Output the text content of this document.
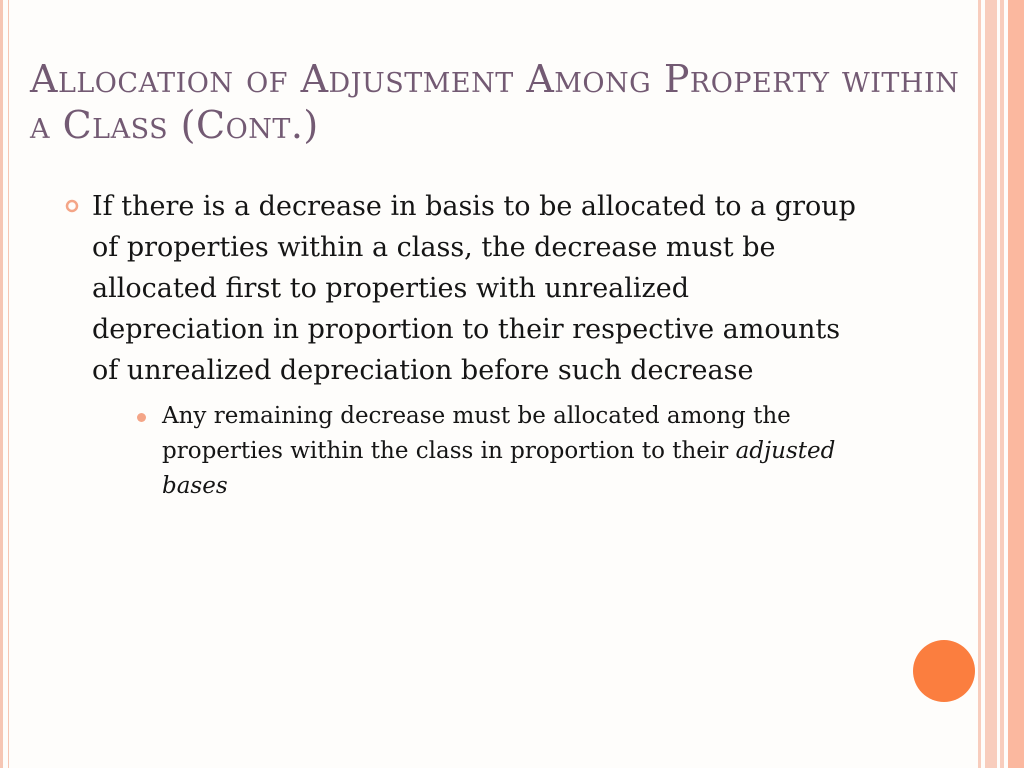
Allocation of Adjustment Among Property within a Class (Cont.)
If there is a decrease in basis to be allocated to a group of properties within a class, the decrease must be allocated first to properties with unrealized depreciation in proportion to their respective amounts of unrealized depreciation before such decrease
Any remaining decrease must be allocated among the properties within the class in proportion to their adjusted bases
